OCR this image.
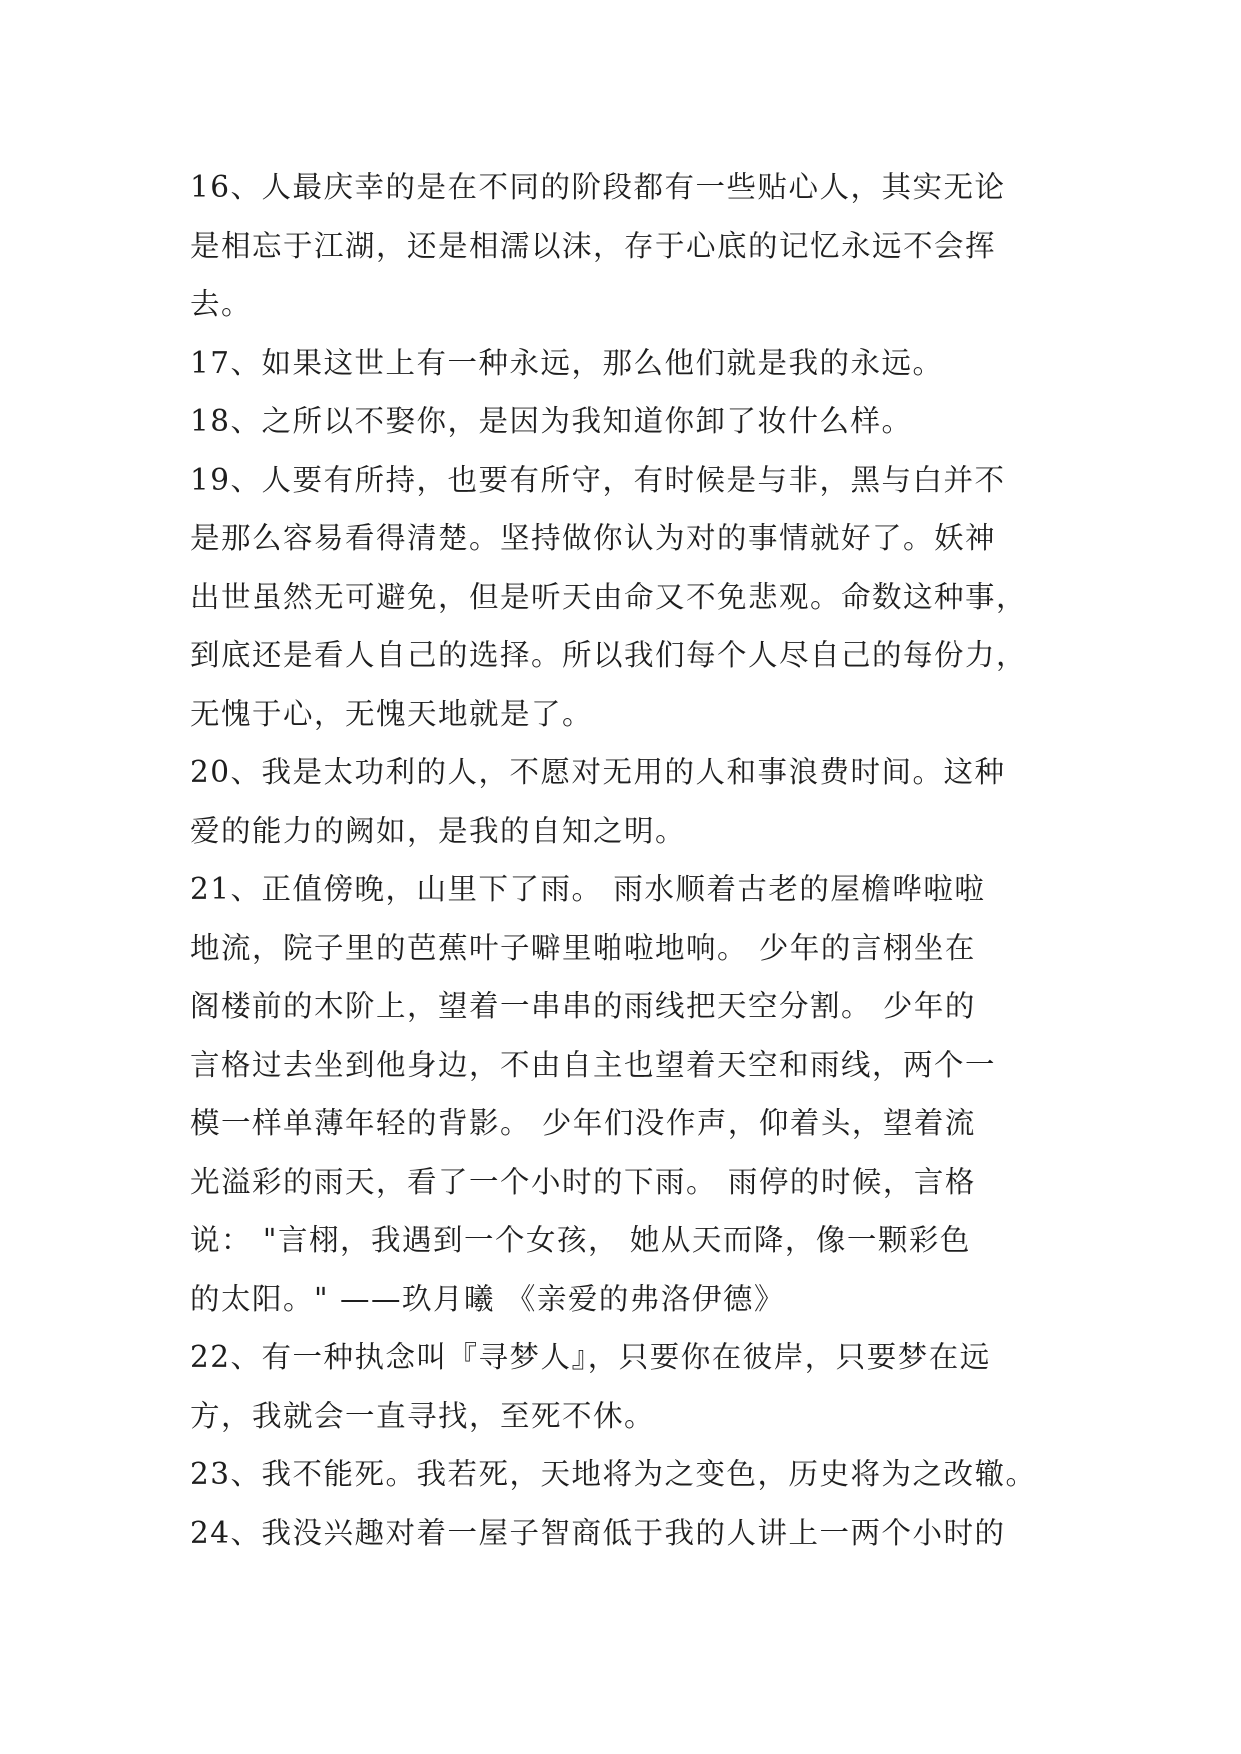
16、人最庆幸的是在不同的阶段都有一些贴心人，其实无论
是相忘于江湖，还是相濡以沫，存于心底的记忆永远不会挥
去。
17、如果这世上有一种永远，那么他们就是我的永远。
18、之所以不娶你，是因为我知道你卸了妆什么样。
19、人要有所持，也要有所守，有时候是与非，黑与白并不
是那么容易看得清楚。坚持做你认为对的事情就好了。妖神
出世虽然无可避免，但是听天由命又不免悲观。命数这种事，
到底还是看人自己的选择。所以我们每个人尽自己的每份力，
无愧于心，无愧天地就是了。
20、我是太功利的人，不愿对无用的人和事浪费时间。这种
爱的能力的阙如，是我的自知之明。
21、正值傍晚，山里下了雨。 雨水顺着古老的屋檐哗啦啦
地流，院子里的芭蕉叶子噼里啪啦地响。 少年的言栩坐在
阁楼前的木阶上，望着一串串的雨线把天空分割。 少年的
言格过去坐到他身边，不由自主也望着天空和雨线，两个一
模一样单薄年轻的背影。 少年们没作声，仰着头，望着流
光溢彩的雨天，看了一个小时的下雨。 雨停的时候，言格
说： "言栩，我遇到一个女孩， 她从天而降，像一颗彩色
的太阳。" ——玖月曦 《亲爱的弗洛伊德》
22、有一种执念叫『寻梦人』，只要你在彼岸，只要梦在远
方，我就会一直寻找，至死不休。
23、我不能死。我若死，天地将为之变色，历史将为之改辙。
24、我没兴趣对着一屋子智商低于我的人讲上一两个小时的
